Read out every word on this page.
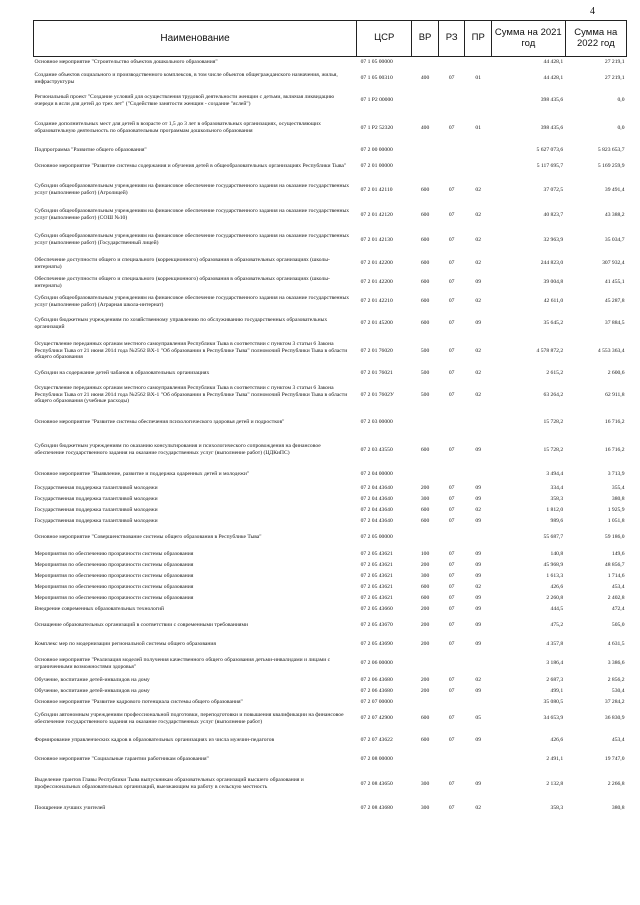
4
Наименование	ЦСР	ВР	РЗ	ПР	Сумма на 2021 год	Сумма на 2022 год
Основное мероприятие "Строительство объектов дошкольного образования"	07 1 05 00000				44 428,1	27 219,1
Создание объектов социального и производственного комплексов, в том числе объектов общегражданского назначения, жилья, инфраструктуры	07 1 05 00310	400	07	01	44 428,1	27 219,1
Региональный проект "Создание условий для осуществления трудовой деятельности женщин с детьми, включая ликвидацию очереди в ясли для детей до трех лет" ("Содействие занятости женщин - создание "яслей")	07 1 P2 00000				398 435,6	0,0
Создание дополнительных мест для детей в возрасте от 1,5 до 3 лет в образовательных организациях, осуществляющих образовательную деятельность по образовательным программам дошкольного образования	07 1 P2 52320	400	07	01	398 435,6	0,0
Подпрограмма "Развитие общего образования"	07 2 00 00000				5 627 073,6	5 823 653,7
Основное мероприятие "Развитие системы содержания и обучения детей в общеобразовательных организациях Республики Тыва"	07 2 01 00000				5 117 695,7	5 169 259,9
Субсидии общеобразовательным учреждениям на финансовое обеспечение государственного задания на оказание государственных услуг (выполнение работ) (Агролицей)	07 2 01 42110	600	07	02	37 072,5	39 491,4
Субсидии общеобразовательным учреждениям на финансовое обеспечение государственного задания на оказание государственных услуг (выполнение работ) (СОШ №10)	07 2 01 42120	600	07	02	40 823,7	43 388,2
Субсидии общеобразовательным учреждениям на финансовое обеспечение государственного задания на оказание государственных услуг (выполнение работ) (Государственный лицей)	07 2 01 42130	600	07	02	32 963,9	35 034,7
Обеспечение доступности общего и специального (коррекционного) образования в образовательных организациях (школы-интернаты)	07 2 01 42200	600	07	02	244 823,0	307 932,4
Обеспечение доступности общего и специального (коррекционного) образования в образовательных организациях (школы-интернаты)	07 2 01 42200	600	07	09	39 004,8	41 455,1
Субсидии общеобразовательным учреждениям на финансовое обеспечение государственного задания на оказание государственных услуг (выполнение работ) (Аграрная школа-интернат)	07 2 01 42210	600	07	02	42 611,0	45 287,8
Субсидии бюджетным учреждениям по хозяйственному управлению по обслуживанию государственных образовательных организаций	07 2 01 45200	600	07	09	35 645,2	37 884,5
Осуществление переданных органам местного самоуправления Республики Тыва в соответствии с пунктом 3 статьи 6 Закона Республики Тыва от 21 июня 2014 года №2562 ВХ-1 "Об образовании в Республике Тыва" полномочий Республики Тыва в области общего образования	07 2 01 76020	500	07	02	4 578 872,2	4 553 363,4
Субсидии на содержание детей чабанов в образовательных организациях	07 2 01 76021	500	07	02	2 615,2	2 600,6
Осуществление переданных органам местного самоуправления Республики Тыва в соответствии с пунктом 3 статьи 6 Закона Республики Тыва от 21 июня 2014 года №2562 ВХ-1 "Об образовании в Республике Тыва" полномочий Республики Тыва в области общего образования (учебные расходы)	07 2 01 7602У	500	07	02	63 264,2	62 911,8
Основное мероприятие "Развитие системы обеспечения психологического здоровья детей и подростков"	07 2 03 00000				15 728,2	16 716,2
Субсидии бюджетным учреждениям по оказанию консультирования и психологического сопровождения на финансовое обеспечение государственного задания на оказание государственных услуг (выполнение работ) (ЦДКиПС)	07 2 03 43550	600	07	09	15 728,2	16 716,2
Основное мероприятие "Выявление, развитие и поддержка одаренных детей и молодежи"	07 2 04 00000				3 494,4	3 713,9
Государственная поддержка талантливой молодежи	07 2 04 43640	200	07	09	334,4	355,4
Государственная поддержка талантливой молодежи	07 2 04 43640	300	07	09	358,3	380,8
Государственная поддержка талантливой молодежи	07 2 04 43640	600	07	02	1 812,0	1 925,9
Государственная поддержка талантливой молодежи	07 2 04 43640	600	07	09	989,6	1 051,8
Основное мероприятие "Совершенствование системы общего образования в Республике Тыва"	07 2 05 00000				55 687,7	59 186,0
Мероприятия по обеспечению прозрачности системы образования	07 2 05 43621	100	07	09	140,8	149,6
Мероприятия по обеспечению прозрачности системы образования	07 2 05 43621	200	07	09	45 968,9	48 856,7
Мероприятия по обеспечению прозрачности системы образования	07 2 05 43621	300	07	09	1 613,3	1 714,6
Мероприятия по обеспечению прозрачности системы образования	07 2 05 43621	600	07	02	426,6	453,4
Мероприятия по обеспечению прозрачности системы образования	07 2 05 43621	600	07	09	2 260,8	2 402,8
Внедрение современных образовательных технологий	07 2 05 43660	200	07	09	444,5	472,4
Оснащение образовательных организаций в соответствии с современными требованиями	07 2 05 43670	200	07	09	475,2	505,0
Комплекс мер по модернизации региональной системы общего образования	07 2 05 43690	200	07	09	4 357,8	4 631,5
Основное мероприятие "Реализация моделей получения качественного общего образования детьми-инвалидами и лицами с ограниченными возможностями здоровья"	07 2 06 00000				3 186,4	3 386,6
Обучение, воспитание детей-инвалидов на дому	07 2 06 43680	200	07	02	2 687,3	2 856,2
Обучение, воспитание детей-инвалидов на дому	07 2 06 43680	200	07	09	499,1	530,4
Основное мероприятие "Развитие кадрового потенциала системы общего образования"	07 2 07 00000				35 080,5	37 284,2
Субсидии автономным учреждениям профессиональной подготовки, переподготовки и повышения квалификации на финансовое обеспечение государственного задания на оказание государственных услуг (выполнение работ)	07 2 07 42900	600	07	05	34 653,9	36 830,9
Формирование управленческих кадров в образовательных организациях из числа мужчин-педагогов	07 2 07 43622	600	07	09	426,6	453,4
Основное мероприятие "Социальные гарантии работникам образования"	07 2 08 00000				2 491,1	19 747,0
Выделение грантов Главы Республики Тыва выпускникам образовательных организаций высшего образования и профессиональных образовательных организаций, выезжающим на работу в сельскую местность	07 2 08 43650	300	07	09	2 132,8	2 266,8
Поощрение лучших учителей	07 2 08 43680	300	07	02	358,3	380,8
